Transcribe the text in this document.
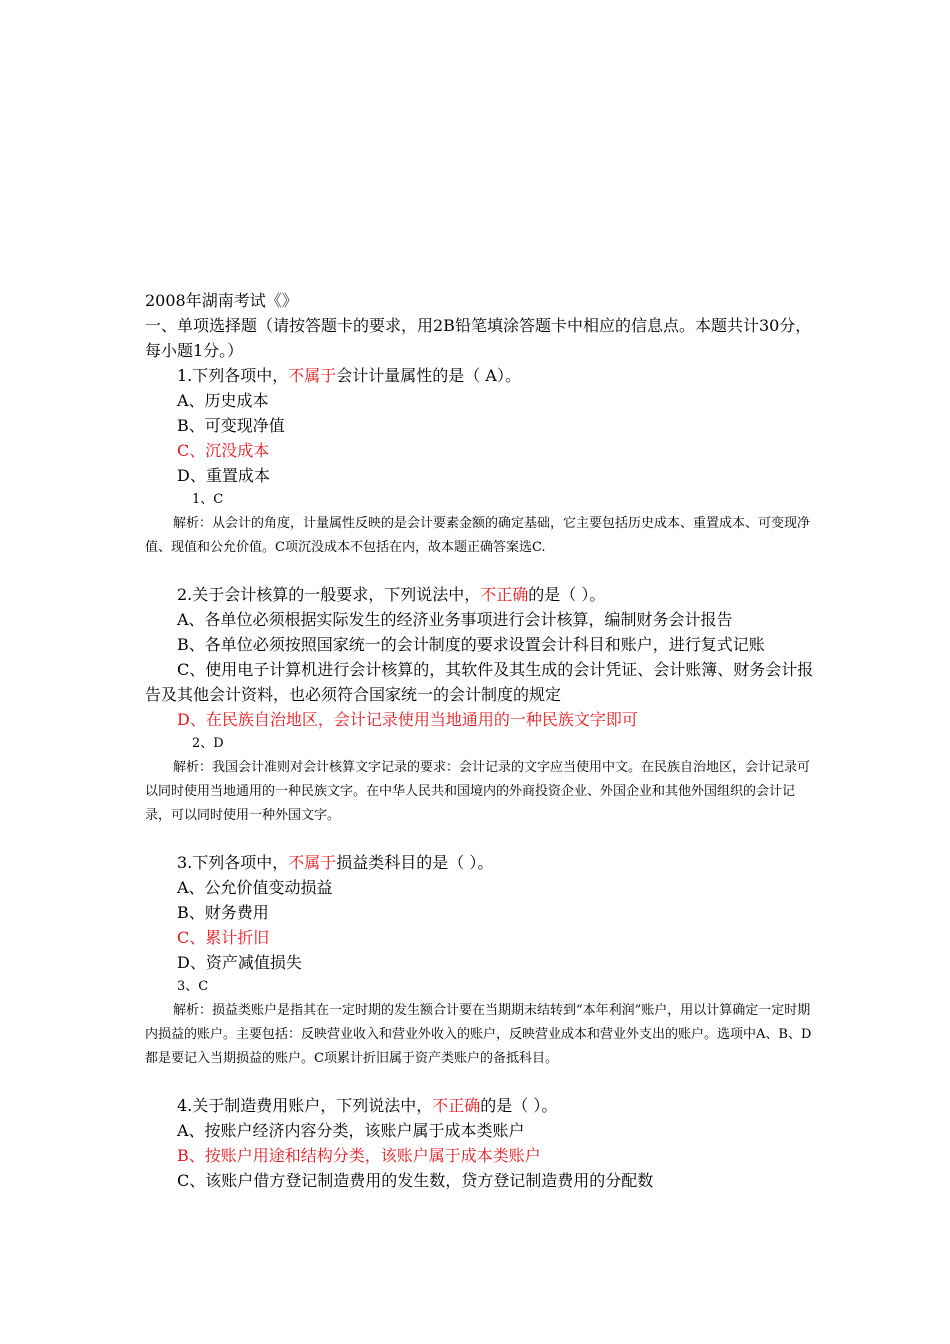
2008年湖南考试《》
一、单项选择题（请按答题卡的要求，用2B铅笔填涂答题卡中相应的信息点。本题共计30分，每小题1分。）
1.下列各项中，不属于会计计量属性的是（ A）。
A、历史成本
B、可变现净值
C、沉没成本
D、重置成本
1、C
解析：从会计的角度，计量属性反映的是会计要素金额的确定基础，它主要包括历史成本、重置成本、可变现净值、现值和公允价值。C项沉没成本不包括在内，故本题正确答案选C.
2.关于会计核算的一般要求，下列说法中，不正确的是（ ）。
A、各单位必须根据实际发生的经济业务事项进行会计核算，编制财务会计报告
B、各单位必须按照国家统一的会计制度的要求设置会计科目和账户，进行复式记账
C、使用电子计算机进行会计核算的，其软件及其生成的会计凭证、会计账簿、财务会计报告及其他会计资料，也必须符合国家统一的会计制度的规定
D、在民族自治地区，会计记录使用当地通用的一种民族文字即可
2、D
解析：我国会计准则对会计核算文字记录的要求：会计记录的文字应当使用中文。在民族自治地区，会计记录可以同时使用当地通用的一种民族文字。在中华人民共和国境内的外商投资企业、外国企业和其他外国组织的会计记录，可以同时使用一种外国文字。
3.下列各项中，不属于损益类科目的是（ ）。
A、公允价值变动损益
B、财务费用
C、累计折旧
D、资产减值损失
3、C
解析：损益类账户是指其在一定时期的发生额合计要在当期期末结转到“本年利润”账户，用以计算确定一定时期内损益的账户。主要包括：反映营业收入和营业外收入的账户，反映营业成本和营业外支出的账户。选项中A、B、D都是要记入当期损益的账户。C项累计折旧属于资产类账户的备抵科目。
4.关于制造费用账户，下列说法中，不正确的是（ ）。
A、按账户经济内容分类，该账户属于成本类账户
B、按账户用途和结构分类，该账户属于成本类账户
C、该账户借方登记制造费用的发生数，贷方登记制造费用的分配数
